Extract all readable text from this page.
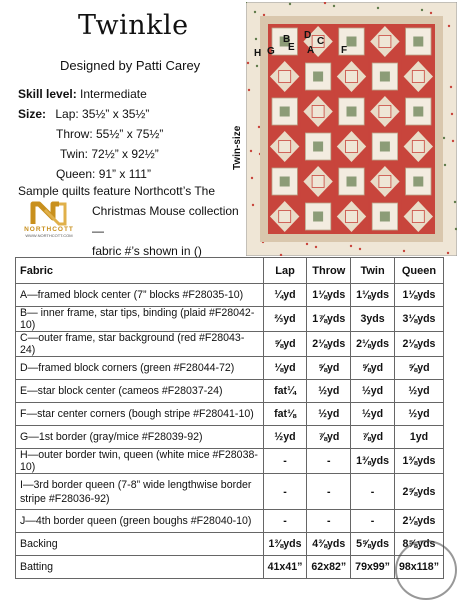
Twinkle
Designed by Patti Carey
Skill level: Intermediate
Size: Lap: 35½” x 35½”
Throw: 55½” x 75½”
Twin: 72½” x 92½”
Queen: 91” x 111”
Sample quilts feature Northcott’s The
Christmas Mouse collection—
fabric #’s shown in ()
NORTHCOTT
WWW.NORTHCOTT.COM
Twin-size
H G
B
E
D
C
A	F
Fabric	Lap	Throw	Twin	Queen
A—framed block center (7” blocks #F28035-10)	¼yd	1⅛yds	1⅛yds	1⅛yds
B— inner frame, star tips, binding (plaid #F28042-10)	⅔yd	1⅞yds	3yds	3⅛yds
C—outer frame, star background (red #F28043-24)	⅝yd	2⅛yds	2⅛yds	2⅛yds
D—framed block corners (green #F28044-72)	⅛yd	⅝yd	⅝yd	⅝yd
E—star block center (cameos #F28037-24)	fat¼	½yd	½yd	½yd
F—star center corners (bough stripe #F28041-10)	fat⅛	½yd	½yd	½yd
G—1st border (gray/mice #F28039-92)	½yd	⅞yd	⅞yd	1yd
H—outer border twin, queen (white mice #F28038-10)	-	-	1⅜yds	1⅜yds
I—3rd border queen (7-8” wide lengthwise border stripe #F28036-92)	-	-	-	2⅝yds
J—4th border queen (green boughs #F28040-10)	-	-	-	2⅛yds
Backing	1⅜yds	4⅜yds	5⅝yds	8⅝yds
Batting	41x41”	62x82”	79x99”	98x118”
